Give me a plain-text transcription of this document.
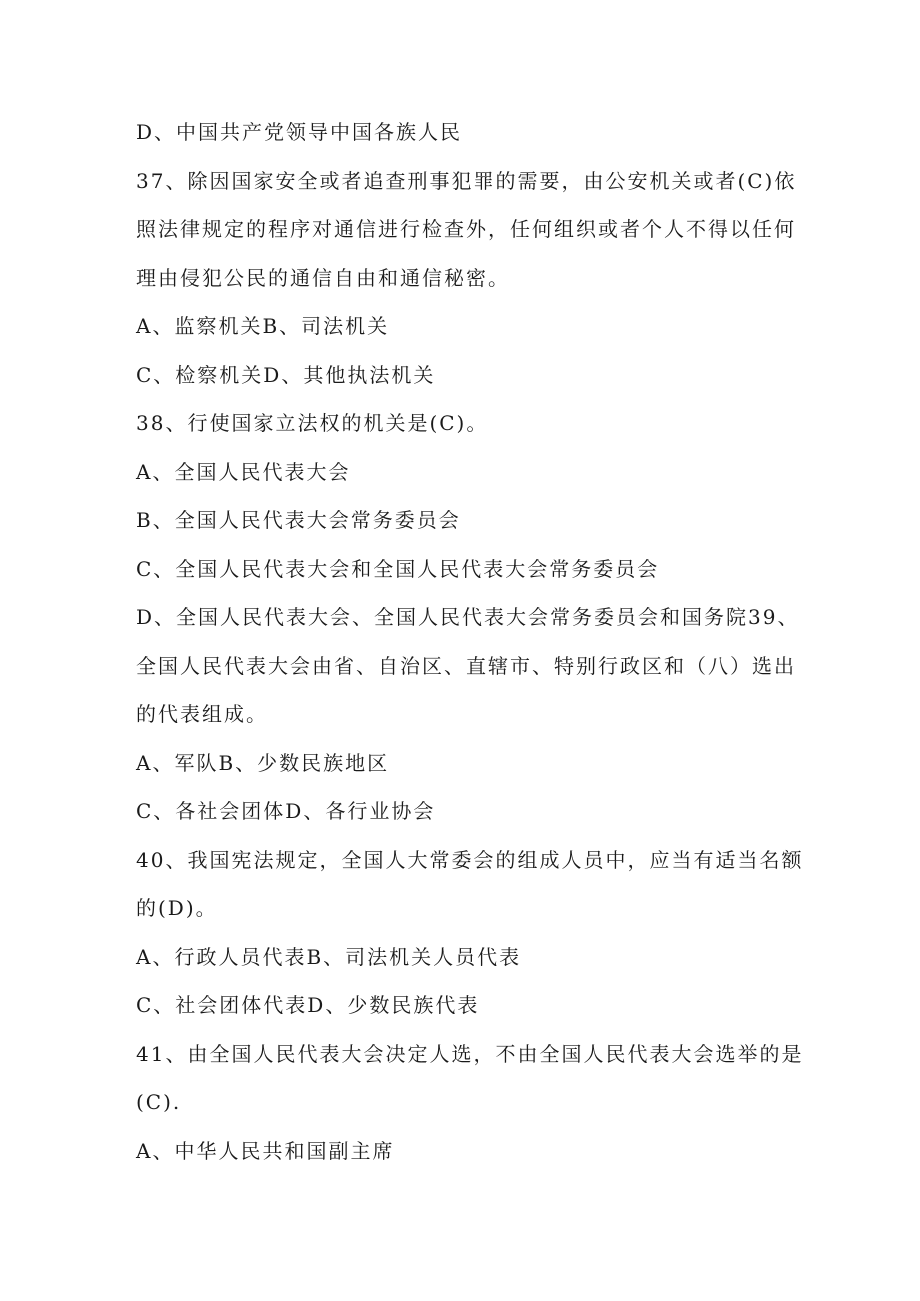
D、中国共产党领导中国各族人民
37、除因国家安全或者追查刑事犯罪的需要，由公安机关或者(C)依
照法律规定的程序对通信进行检查外，任何组织或者个人不得以任何
理由侵犯公民的通信自由和通信秘密。
A、监察机关B、司法机关
C、检察机关D、其他执法机关
38、行使国家立法权的机关是(C)。
A、全国人民代表大会
B、全国人民代表大会常务委员会
C、全国人民代表大会和全国人民代表大会常务委员会
D、全国人民代表大会、全国人民代表大会常务委员会和国务院39、
全国人民代表大会由省、自治区、直辖市、特别行政区和（八）选出
的代表组成。
A、军队B、少数民族地区
C、各社会团体D、各行业协会
40、我国宪法规定，全国人大常委会的组成人员中，应当有适当名额
的(D)。
A、行政人员代表B、司法机关人员代表
C、社会团体代表D、少数民族代表
41、由全国人民代表大会决定人选，不由全国人民代表大会选举的是
(C).
A、中华人民共和国副主席
